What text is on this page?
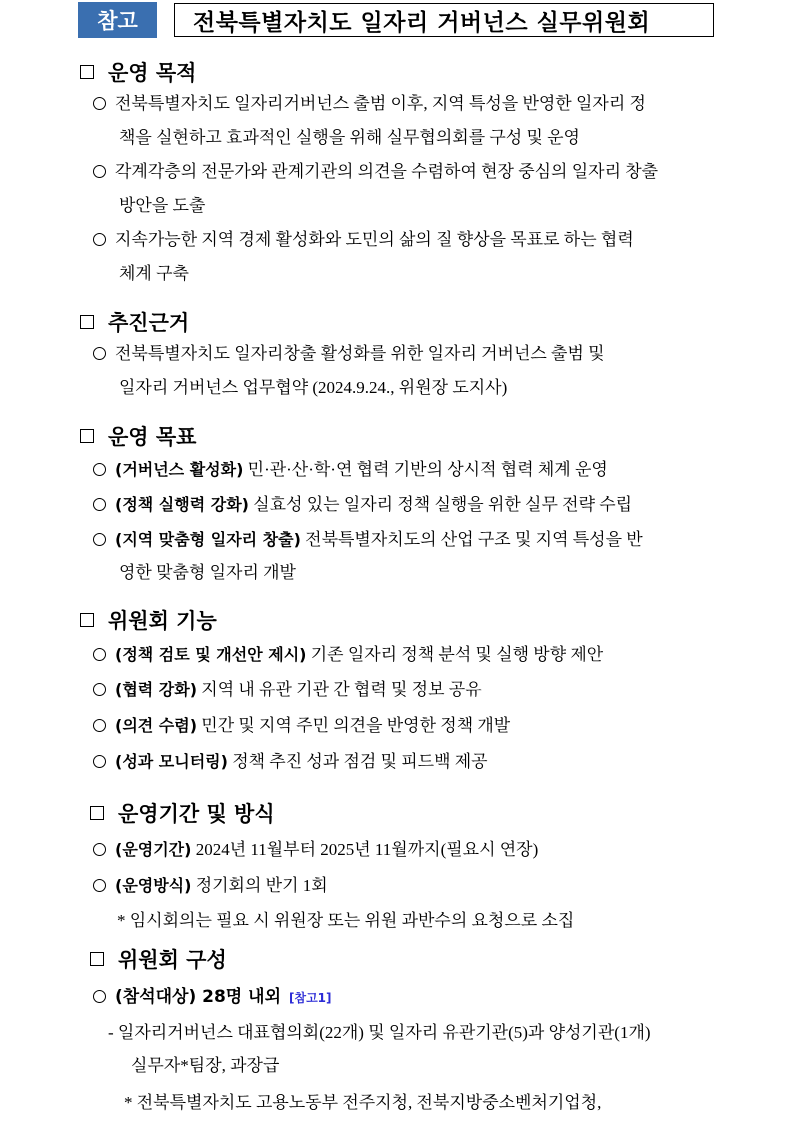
참고	전북특별자치도 일자리 거버넌스 실무위원회
운영 목적
전북특별자치도 일자리거버넌스 출범 이후, 지역 특성을 반영한 일자리 정
책을 실현하고 효과적인 실행을 위해 실무협의회를 구성 및 운영
각계각층의 전문가와 관계기관의 의견을 수렴하여 현장 중심의 일자리 창출
방안을 도출
지속가능한 지역 경제 활성화와 도민의 삶의 질 향상을 목표로 하는 협력
체계 구축
추진근거
전북특별자치도 일자리창출 활성화를 위한 일자리 거버넌스 출범 및
일자리 거버넌스 업무협약 (2024.9.24., 위원장 도지사)
운영 목표
(거버넌스 활성화) 민·관·산·학·연 협력 기반의 상시적 협력 체계 운영
(정책 실행력 강화) 실효성 있는 일자리 정책 실행을 위한 실무 전략 수립
(지역 맞춤형 일자리 창출) 전북특별자치도의 산업 구조 및 지역 특성을 반
영한 맞춤형 일자리 개발
위원회 기능
(정책 검토 및 개선안 제시) 기존 일자리 정책 분석 및 실행 방향 제안
(협력 강화) 지역 내 유관 기관 간 협력 및 정보 공유
(의견 수렴) 민간 및 지역 주민 의견을 반영한 정책 개발
(성과 모니터링) 정책 추진 성과 점검 및 피드백 제공
운영기간 및 방식
(운영기간) 2024년 11월부터 2025년 11월까지(필요시 연장)
(운영방식) 정기회의 반기 1회
* 임시회의는 필요 시 위원장 또는 위원 과반수의 요청으로 소집
위원회 구성
(참석대상) 28명 내외 [참고1]
- 일자리거버넌스 대표협의회(22개) 및 일자리 유관기관(5)과 양성기관(1개)
실무자*팀장, 과장급
* 전북특별자치도 고용노동부 전주지청, 전북지방중소벤처기업청,
